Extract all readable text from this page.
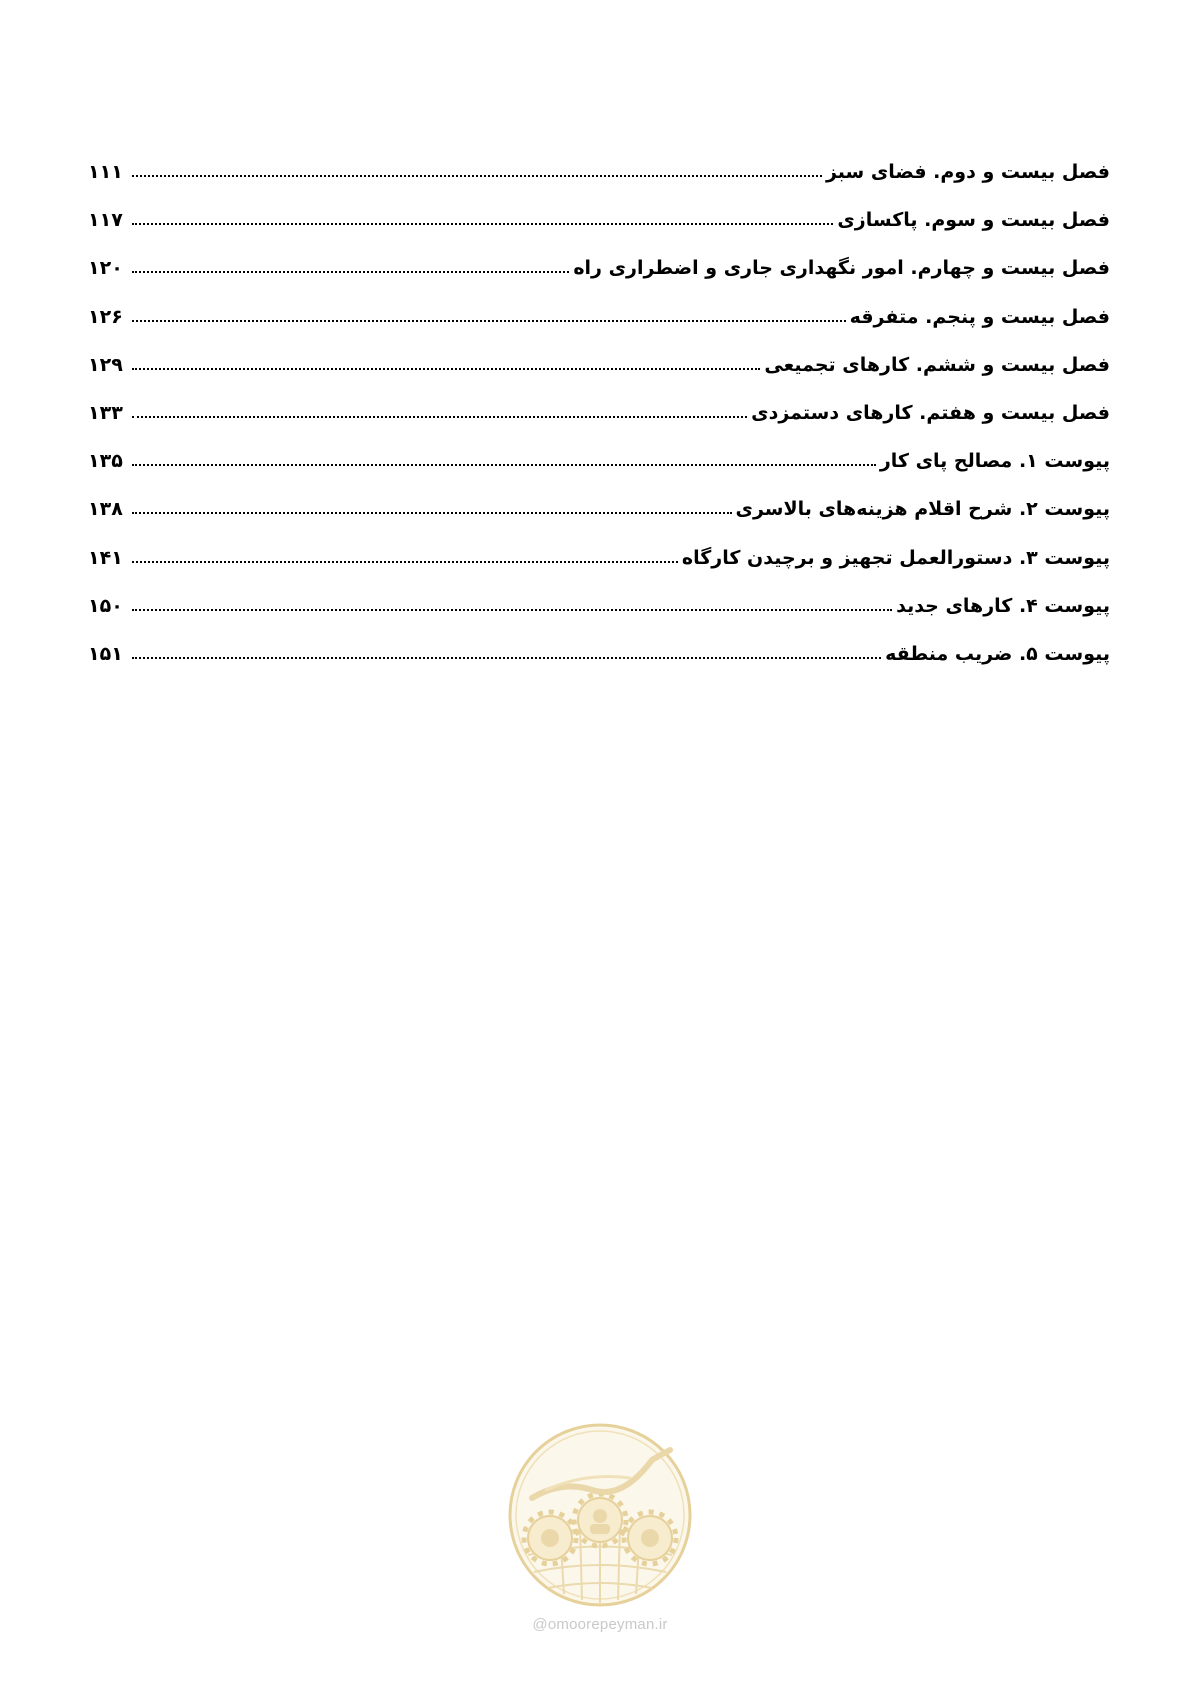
فصل بیست و دوم. فضای سبز
۱۱۱
فصل بیست و سوم. پاکسازی
۱۱۷
فصل بیست و چهارم. امور نگهداری جاری و اضطراری راه
۱۲۰
فصل بیست و پنجم. متفرقه
۱۲۶
فصل بیست و ششم. کارهای تجمیعی
۱۲۹
فصل بیست و هفتم. کارهای دستمزدی
۱۳۳
پیوست ۱. مصالح پای کار
۱۳۵
پیوست ۲. شرح اقلام هزینه‌های بالاسری
۱۳۸
پیوست ۳. دستورالعمل تجهیز و برچیدن کارگاه
۱۴۱
پیوست ۴. کارهای جدید
۱۵۰
پیوست ۵. ضریب منطقه
۱۵۱
@omoorepeyman.ir
